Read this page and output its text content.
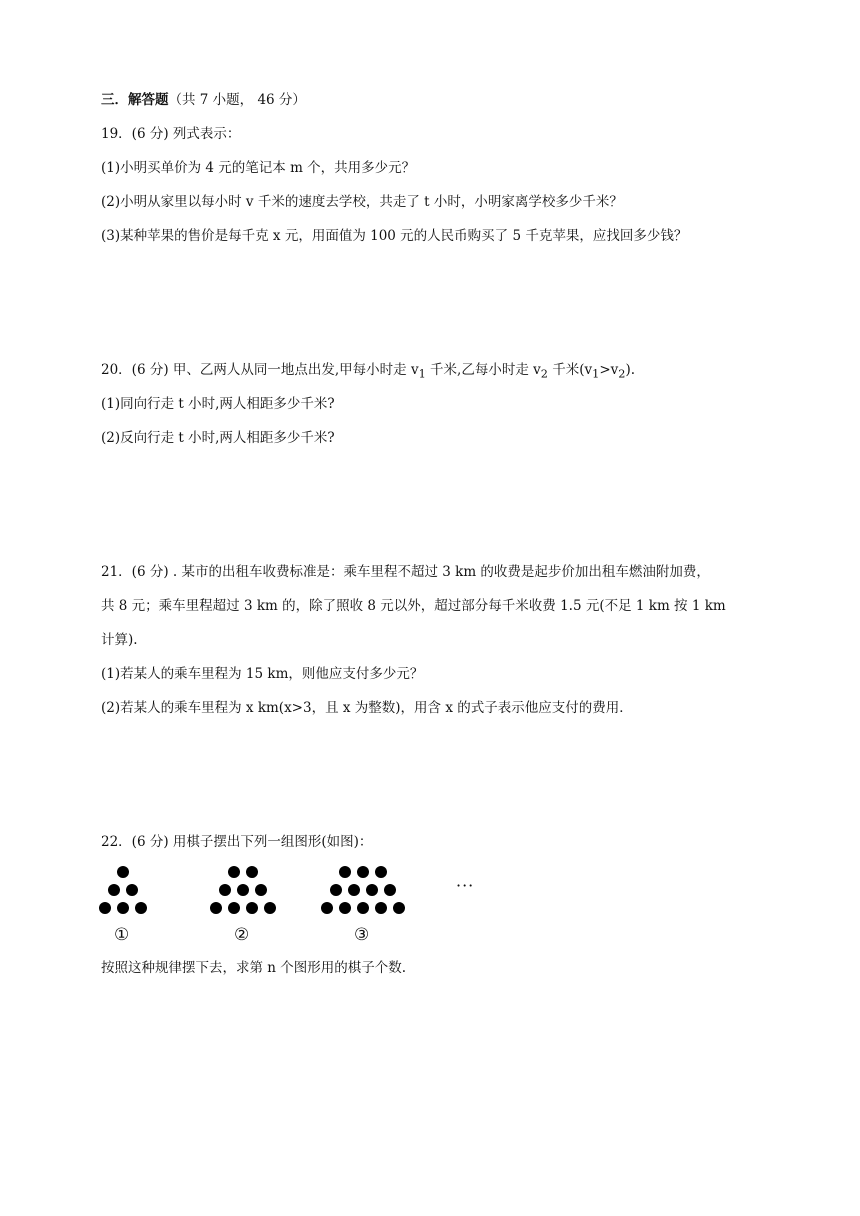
三．解答题（共 7 小题， 46 分）
19．(6 分) 列式表示：
(1)小明买单价为 4 元的笔记本 m 个，共用多少元？
(2)小明从家里以每小时 v 千米的速度去学校，共走了 t 小时，小明家离学校多少千米？
(3)某种苹果的售价是每千克 x 元，用面值为 100 元的人民币购买了 5 千克苹果，应找回多少钱？
20．(6 分) 甲、乙两人从同一地点出发,甲每小时走 $v_1$ 千米,乙每小时走 $v_2$ 千米$(v_1>v_2)$.
(1)同向行走 t 小时,两人相距多少千米?
(2)反向行走 t 小时,两人相距多少千米?
21．(6 分) . 某市的出租车收费标准是：乘车里程不超过 3 km 的收费是起步价加出租车燃油附加费，
共 8 元；乘车里程超过 3 km 的，除了照收 8 元以外，超过部分每千米收费 1.5 元(不足 1 km 按 1 km
计算).
(1)若某人的乘车里程为 15 km，则他应支付多少元？
(2)若某人的乘车里程为 x km(x>3，且 x 为整数)，用含 x 的式子表示他应支付的费用．
22．(6 分) 用棋子摆出下列一组图形(如图)：
①	②	③
···
按照这种规律摆下去，求第 n 个图形用的棋子个数.
